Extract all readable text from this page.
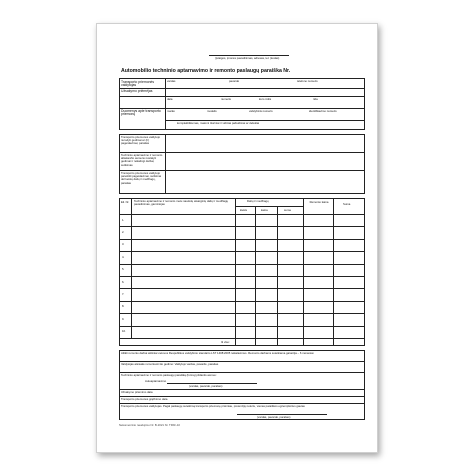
(įstaigos, įmonės pavadinimas, adresas, tel. (kodas)
Automobilio techninio aptarnavimo ir remonto paslaugų paraiška Nr.
Transporto priemonės valdytojas
vardas	pavardė	telefono numeris
Užsakymo priėmėjas
data	numeris	kuro rūšis	rida
Duomenys apie transporto priemonę
markė	modelis	valstybinis numeris	identifikavimo numeris
komplektiškumas, matomi išoriniai ir vidiniai pažeidimai ar defektai
Transporto priemonės valdytojo nurodyti gedimai ar (ir) pageidavimai, parašas
Techninio aptarnavimo ir remonto atliekančio asmens nustatyti gedimai ir reikalingi darbai, sutikimas
Transporto priemonės valdytojo pareikšti pageidavimai, sutikimai dėl keistų dalių ir medžiagų, parašas
Eil. Nr.	Techninio aptarnavimo ir remonto metu naudotų atsarginių dalių ir medžiagų pavadinimas, gamintojas
Dalių ir medžiagų
kiekis	kaina	suma
Remonto kaina	Suma
1.
2.
3.
4.
5.
6.
7.
8.
9.
10.
Iš viso:
Atlikti remonto darbai atitinka Lietuvos Respublikos valstybinio standarto LST 1408:2005 reikalavimus. Remonto darbams suteikiama garantija – 6 mėnesiai.
Valdytojas atsisakė remontuoti šio gedimo: Valdytojo vardas, pavardė, parašas
Techninio aptarnavimo ir remonto paslaugų paraišką (formą) pildantis asmuo:
Autoaptarnavimo
(vardas, pavardė, parašas)
Užsakymo priėmimo data
Transporto priemonės grąžinimo data
Transporto priemonės valdytojas. Pagal paslaugų suteikimą transporto priemonę priėmiau, pretenzijų neturiu, vienas paraiškos egzempliorius gautas
(vardas, pavardė, parašas)
Nekomercinio naudojimo Nr. B-2021 Nr. TPAF-10
